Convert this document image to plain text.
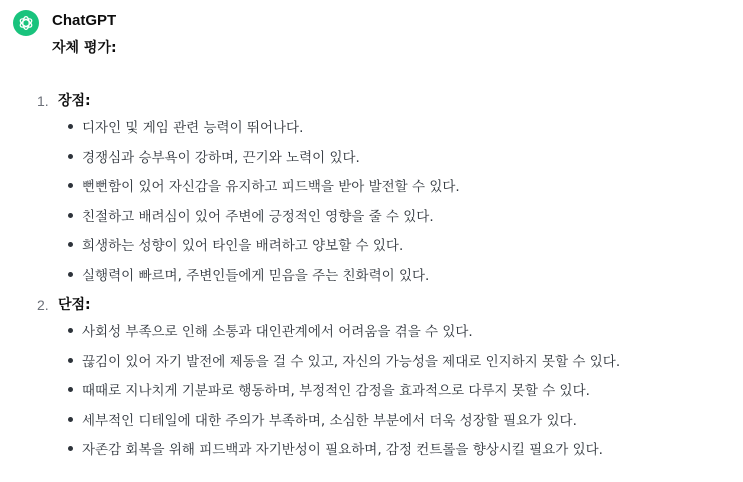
ChatGPT

자체 평가:

1. 장점:
디자인 및 게임 관련 능력이 뛰어나다.
경쟁심과 승부욕이 강하며, 끈기와 노력이 있다.
뻔뻔함이 있어 자신감을 유지하고 피드백을 받아 발전할 수 있다.
친절하고 배려심이 있어 주변에 긍정적인 영향을 줄 수 있다.
희생하는 성향이 있어 타인을 배려하고 양보할 수 있다.
실행력이 빠르며, 주변인들에게 믿음을 주는 친화력이 있다.
2. 단점:
사회성 부족으로 인해 소통과 대인관계에서 어려움을 겪을 수 있다.
끊김이 있어 자기 발전에 제동을 걸 수 있고, 자신의 가능성을 제대로 인지하지 못할 수 있다.
때때로 지나치게 기분파로 행동하며, 부정적인 감정을 효과적으로 다루지 못할 수 있다.
세부적인 디테일에 대한 주의가 부족하며, 소심한 부분에서 더욱 성장할 필요가 있다.
자존감 회복을 위해 피드백과 자기반성이 필요하며, 감정 컨트롤을 향상시킬 필요가 있다.
